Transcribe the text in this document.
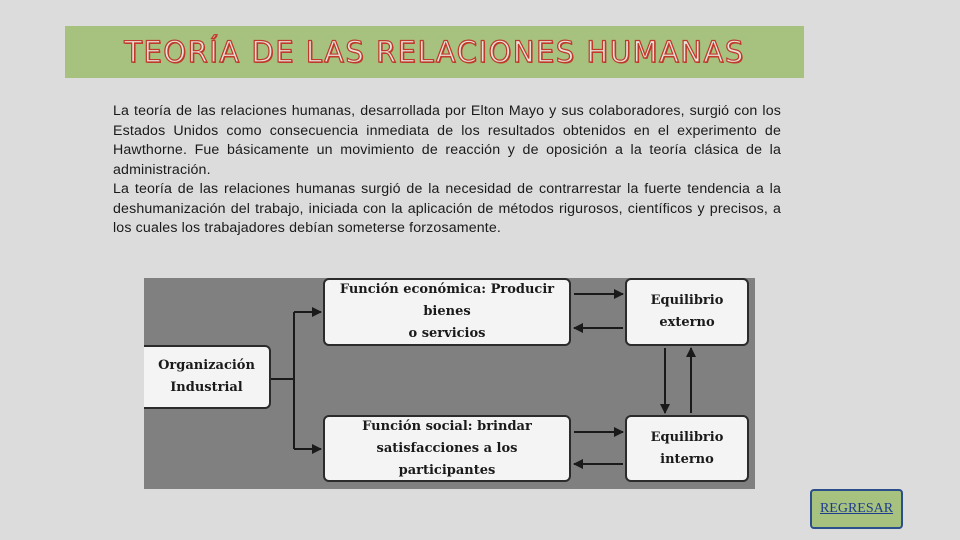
TEORÍA DE LAS RELACIONES HUMANAS

La teoría de las relaciones humanas, desarrollada por Elton Mayo y sus colaboradores, surgió con los Estados Unidos como consecuencia inmediata de los resultados obtenidos en el experimento de Hawthorne. Fue básicamente un movimiento de reacción y de oposición a la teoría clásica de la administración.

La teoría de las relaciones humanas surgió de la necesidad de contrarrestar la fuerte tendencia a la deshumanización del trabajo, iniciada con la aplicación de métodos rigurosos, científicos y precisos, a los cuales los trabajadores debían someterse forzosamente.

Organización
Industrial
Función económica: Producir bienes
o servicios
Función social: brindar
satisfacciones a los participantes
Equilibrio
externo
Equilibrio
interno
REGRESAR
